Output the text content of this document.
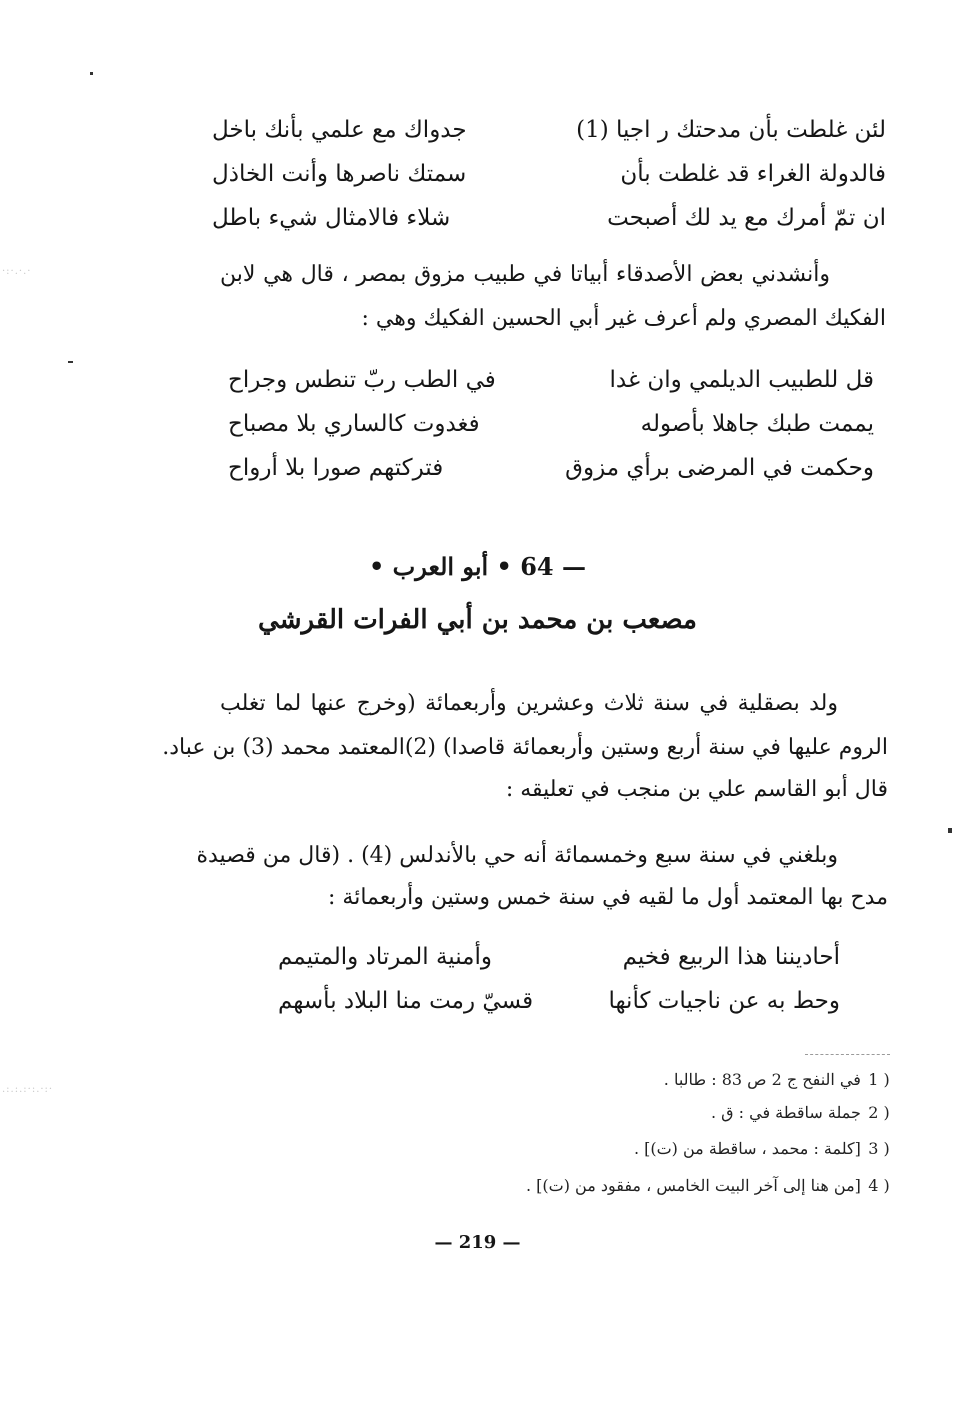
لئن غلطت بأن مدحتك ر اجيا (1)
جدواك مع علمي بأنك باخل
فالدولة الغراء قد غلطت بأن
سمتك ناصرها وأنت الخاذل
ان تمّ أمرك مع يد لك أصبحت
شلاء فالامثال شيء باطل
وأنشدني بعض الأصدقاء أبياتا في طبيب مزوق بمصر ، قال هي لابن
الفكيك المصري ولم أعرف غير أبي الحسين الفكيك وهي :
قل للطبيب الديلمي وان غدا
في الطب ربّ تنطس وجراح
يممت طبك جاهلا بأصوله
فغدوت كالساري بلا مصباح
وحكمت في المرضى برأي مزوق
فتركتهم صورا بلا أرواح
• أبو العرب • 64 —
مصعب بن محمد بن أبي الفرات القرشي
ولد بصقلية في سنة ثلاث وعشرين وأربعمائة (وخرج عنها لما تغلب
الروم عليها في سنة أربع وستين وأربعمائة قاصدا) (2)المعتمد محمد (3) بن عباد.
قال أبو القاسم علي بن منجب في تعليقه :
وبلغني في سنة سبع وخمسمائة أنه حي بالأندلس (4) . (قال من قصيدة
مدح بها المعتمد أول ما لقيه في سنة خمس وستين وأربعمائة :
أحاديننا هذا الربيع فخيم
وأمنية المرتاد والمتيمم
وحط به عن ناجيات كأنها
قسيّ رمت منا البلاد بأسهم
1 ) في النفح ج 2 ص 83 : طالبا .
2 ) جملة ساقطة في : ق .
3 ) [كلمة : محمد ، ساقطة من (ت)] .
4 ) [من هنا إلى آخر البيت الخامس ، مفقود من (ت)] .
— 219 —
·:·.·.·
.:.:.:·:.·:·
